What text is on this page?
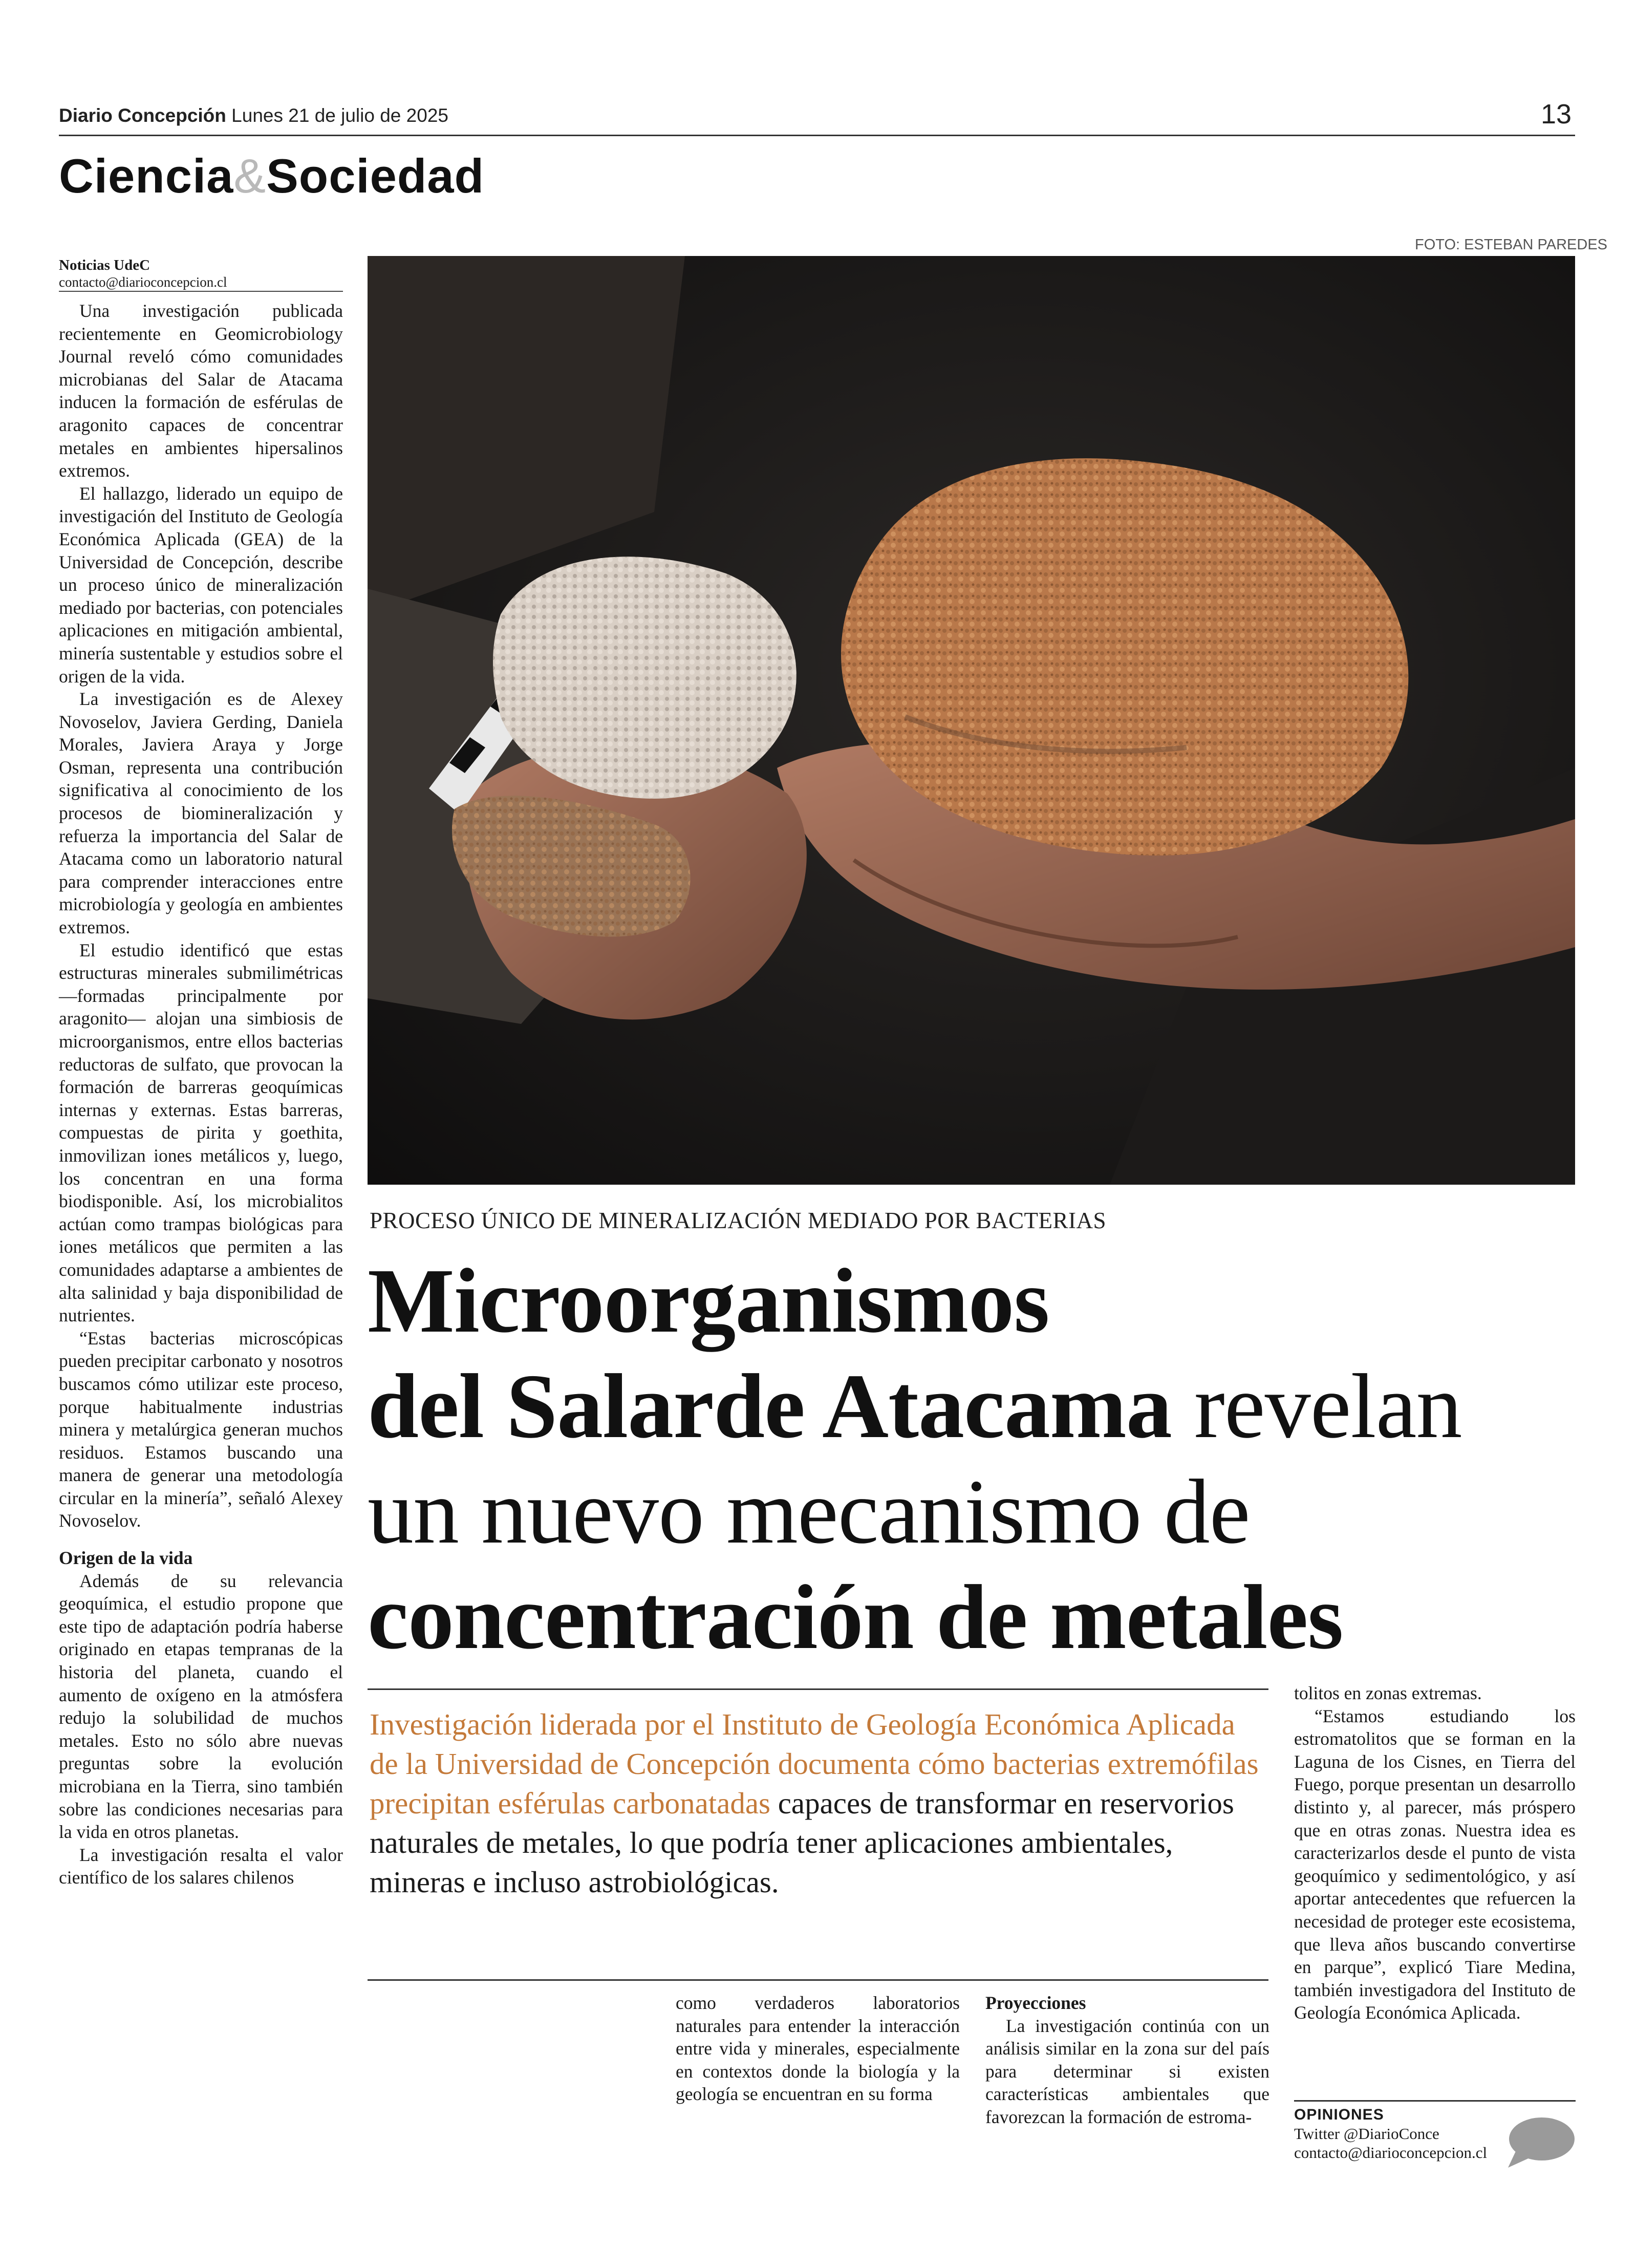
Diario Concepción Lunes 21 de julio de 2025	13
Ciencia&Sociedad
FOTO: ESTEBAN PAREDES
Noticias UdeC
contacto@diarioconcepcion.cl

Una investigación publicada recientemente en Geomicrobiology Journal reveló cómo comunidades microbianas del Salar de Atacama inducen la formación de esférulas de aragonito capaces de concentrar metales en ambientes hipersalinos extremos.

El hallazgo, liderado un equipo de investigación del Instituto de Geología Económica Aplicada (GEA) de la Universidad de Concepción, describe un proceso único de mineralización mediado por bacterias, con potenciales aplicaciones en mitigación ambiental, minería sustentable y estudios sobre el origen de la vida.

La investigación es de Alexey Novoselov, Javiera Gerding, Daniela Morales, Javiera Araya y Jorge Osman, representa una contribución significativa al conocimiento de los procesos de biomineralización y refuerza la importancia del Salar de Atacama como un laboratorio natural para comprender interacciones entre microbiología y geología en ambientes extremos.

El estudio identificó que estas estructuras minerales submilimétricas —formadas principalmente por aragonito— alojan una simbiosis de microorganismos, entre ellos bacterias reductoras de sulfato, que provocan la formación de barreras geoquímicas internas y externas. Estas barreras, compuestas de pirita y goethita, inmovilizan iones metálicos y, luego, los concentran en una forma biodisponible. Así, los microbialitos actúan como trampas biológicas para iones metálicos que permiten a las comunidades adaptarse a ambientes de alta salinidad y baja disponibilidad de nutrientes.

“Estas bacterias microscópicas pueden precipitar carbonato y nosotros buscamos cómo utilizar este proceso, porque habitualmente industrias minera y metalúrgica generan muchos residuos. Estamos buscando una manera de generar una metodología circular en la minería”, señaló Alexey Novoselov.

Origen de la vida

Además de su relevancia geoquímica, el estudio propone que este tipo de adaptación podría haberse originado en etapas tempranas de la historia del planeta, cuando el aumento de oxígeno en la atmósfera redujo la solubilidad de muchos metales. Esto no sólo abre nuevas preguntas sobre la evolución microbiana en la Tierra, sino también sobre las condiciones necesarias para la vida en otros planetas.

La investigación resalta el valor científico de los salares chilenos

PROCESO ÚNICO DE MINERALIZACIÓN MEDIADO POR BACTERIAS
Microorganismos
del Salarde Atacama revelan
un nuevo mecanismo de
concentración de metales
Investigación liderada por el Instituto de Geología Económica Aplicada de la Universidad de Concepción documenta cómo bacterias extremófilas precipitan esférulas carbonatadas capaces de transformar en reservorios naturales de metales, lo que podría tener aplicaciones ambientales, mineras e incluso astrobiológicas.

como verdaderos laboratorios naturales para entender la interacción entre vida y minerales, especialmente en contextos donde la biología y la geología se encuentran en su forma

Proyecciones

La investigación continúa con un análisis similar en la zona sur del país para determinar si existen características ambientales que favorezcan la formación de estroma-

tolitos en zonas extremas.

“Estamos estudiando los estromatolitos que se forman en la Laguna de los Cisnes, en Tierra del Fuego, porque presentan un desarrollo distinto y, al parecer, más próspero que en otras zonas. Nuestra idea es caracterizarlos desde el punto de vista geoquímico y sedimentológico, y así aportar antecedentes que refuercen la necesidad de proteger este ecosistema, que lleva años buscando convertirse en parque”, explicó Tiare Medina, también investigadora del Instituto de Geología Económica Aplicada.

OPINIONES
Twitter @DiarioConce
contacto@diarioconcepcion.cl
